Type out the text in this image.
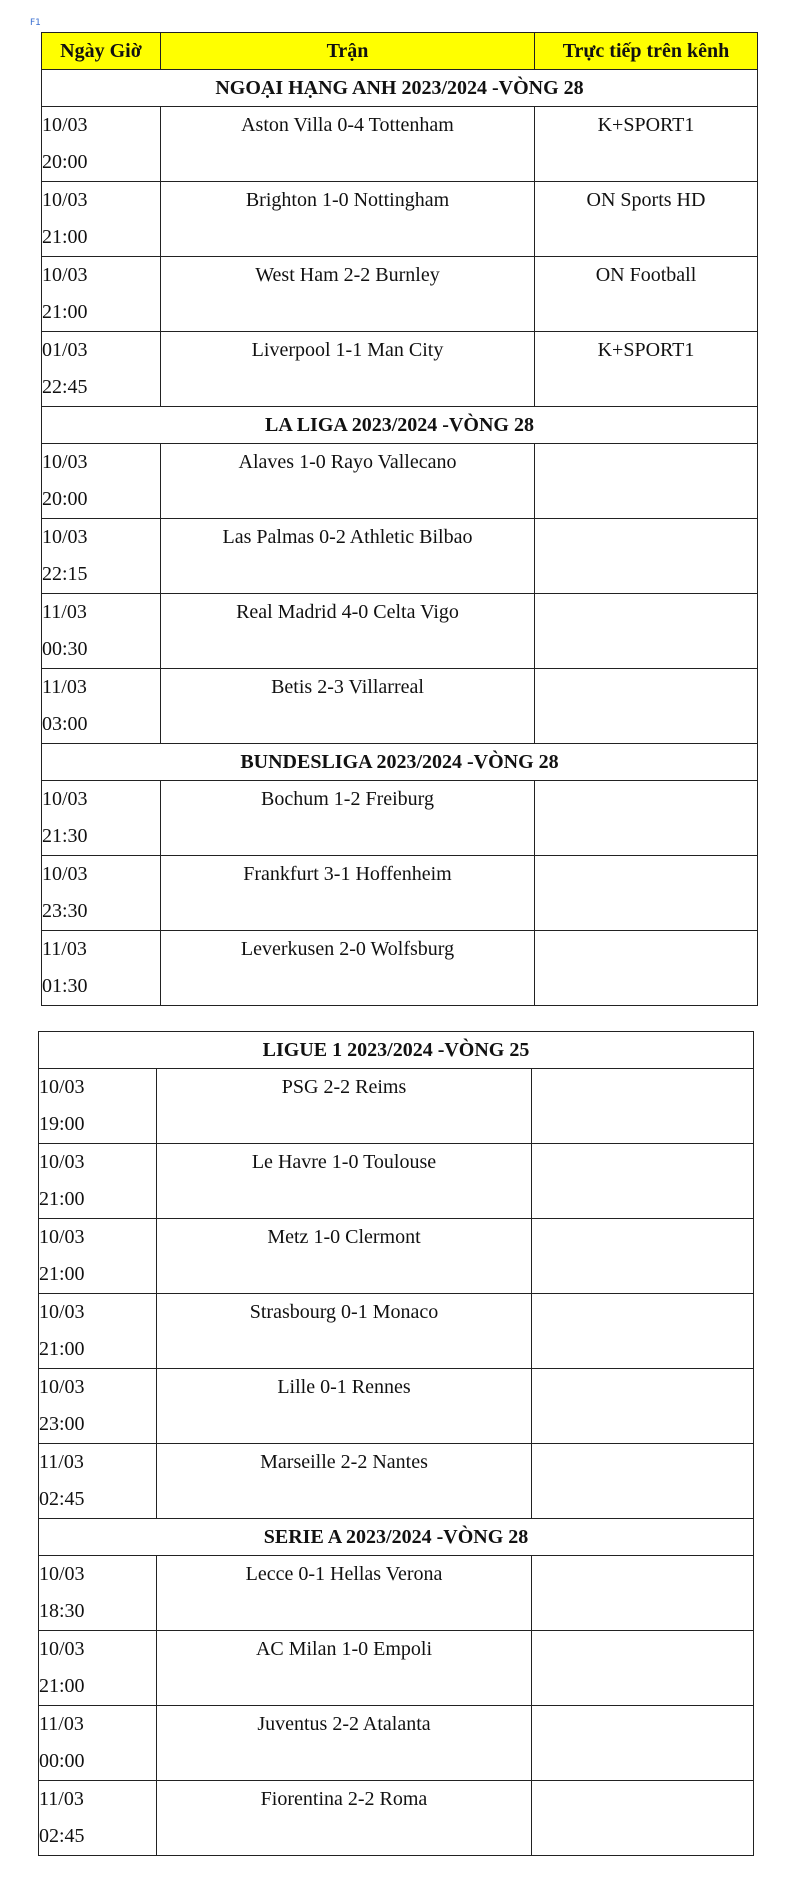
F1
Ngày Giờ	Trận	Trực tiếp trên kênh
NGOẠI HẠNG ANH 2023/2024 -VÒNG 28		

10/03
20:00	Aston Villa 0-4 Tottenham	K+SPORT1

10/03
21:00	Brighton 1-0 Nottingham	ON Sports HD

10/03
21:00	West Ham 2-2 Burnley	ON Football

01/03
22:45	Liverpool 1-1 Man City	K+SPORT1
LA LIGA 2023/2024 -VÒNG 28		

10/03
20:00	Alaves 1-0 Rayo Vallecano	

10/03
22:15	Las Palmas 0-2 Athletic Bilbao	

11/03
00:30	Real Madrid 4-0 Celta Vigo	

11/03
03:00	Betis 2-3 Villarreal	
BUNDESLIGA 2023/2024 -VÒNG 28		

10/03
21:30	Bochum 1-2 Freiburg	

10/03
23:30	Frankfurt 3-1 Hoffenheim	

11/03
01:30	Leverkusen 2-0 Wolfsburg	
LIGUE 1 2023/2024 -VÒNG 25		

10/03
19:00	PSG 2-2 Reims	

10/03
21:00	Le Havre 1-0 Toulouse	

10/03
21:00	Metz 1-0 Clermont	

10/03
21:00	Strasbourg 0-1 Monaco	

10/03
23:00	Lille 0-1 Rennes	

11/03
02:45	Marseille 2-2 Nantes	
SERIE A 2023/2024 -VÒNG 28		

10/03
18:30	Lecce 0-1 Hellas Verona	

10/03
21:00	AC Milan 1-0 Empoli	

11/03
00:00	Juventus 2-2 Atalanta	

11/03
02:45	Fiorentina 2-2 Roma	
